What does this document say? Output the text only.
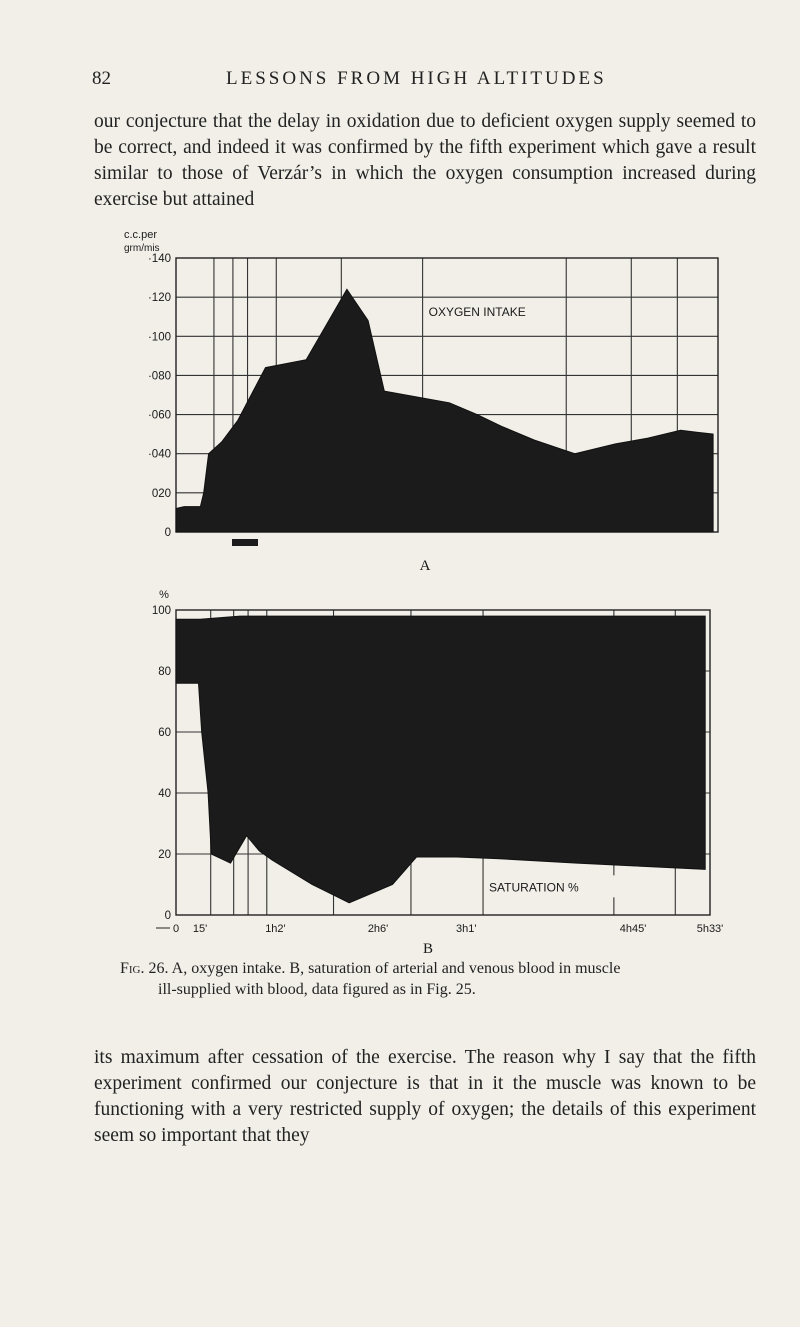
82	LESSONS FROM HIGH ALTITUDES

our conjecture that the delay in oxidation due to deficient oxygen supply seemed to be correct, and indeed it was confirmed by the fifth experiment which gave a result similar to those of Verzár’s in which the oxygen consumption increased during exercise but attained

·140
·120
·100
·080
·060
·040
020
0
c.c.per
grm/mis
OXYGEN INTAKE
A
100
80
60
40
20
0
SATURATION %
%
0 15'	1h2'	2h6'	3h1'	4h45'	5h33'
B
Fig. 26. A, oxygen intake. B, saturation of arterial and venous blood in muscle
ill-supplied with blood, data figured as in Fig. 25.

its maximum after cessation of the exercise. The reason why I say that the fifth experiment confirmed our conjecture is that in it the muscle was known to be functioning with a very restricted supply of oxygen; the details of this experiment seem so important that they
